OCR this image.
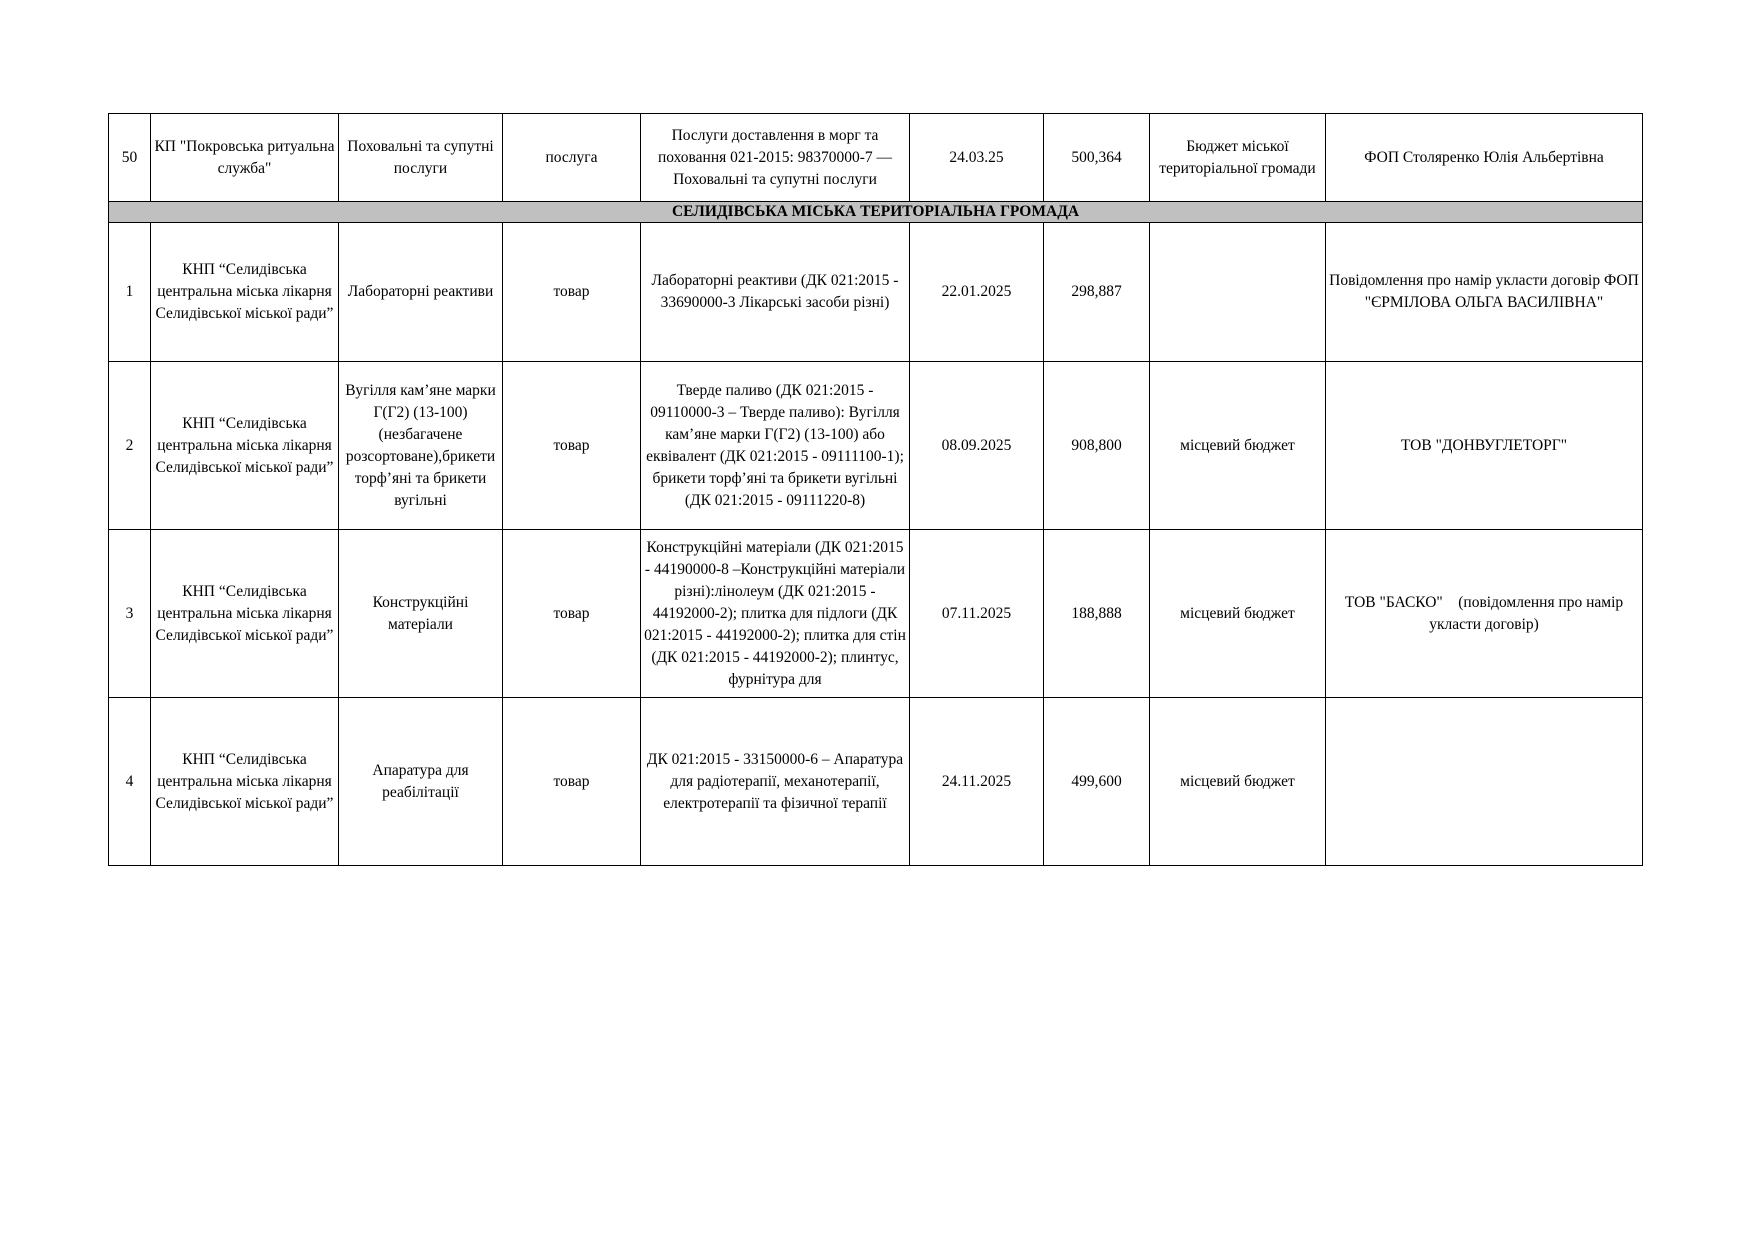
50	КП "Покровська ритуальна служба"	Поховальні та супутні послуги	послуга	Послуги доставлення в морг та поховання 021-2015: 98370000-7 — Поховальні та супутні послуги	24.03.25	500,364	Бюджет міської територіальної громади	ФОП Столяренко Юлія Альбертівна
СЕЛИДІВСЬКА МІСЬКА ТЕРИТОРІАЛЬНА ГРОМАДА								
1	КНП “Селидівська центральна міська лікарня Селидівської міської ради”	Лабораторні реактиви	товар	Лабораторні реактиви (ДК 021:2015 - 33690000-3 Лікарські засоби різні)	22.01.2025	298,887		Повідомлення про намір укласти договір ФОП "ЄРМІЛОВА ОЛЬГА ВАСИЛІВНА"
2	КНП “Селидівська центральна міська лікарня Селидівської міської ради”	Вугілля кам’яне марки Г(Г2) (13-100) (незбагачене розсортоване),брикети торф’яні та брикети вугільні	товар	Тверде паливо (ДК 021:2015 - 09110000-3 – Тверде паливо): Вугілля кам’яне марки Г(Г2) (13-100) або еквівалент (ДК 021:2015 - 09111100-1); брикети торф’яні та брикети вугільні (ДК 021:2015 - 09111220-8)	08.09.2025	908,800	місцевий бюджет	ТОВ "ДОНВУГЛЕТОРГ"
3	КНП “Селидівська центральна міська лікарня Селидівської міської ради”	Конструкційні матеріали	товар	Конструкційні матеріали (ДК 021:2015 - 44190000-8 –Конструкційні матеріали різні):лінолеум (ДК 021:2015 - 44192000-2); плитка для підлоги (ДК 021:2015 - 44192000-2); плитка для стін (ДК 021:2015 - 44192000-2); плинтус, фурнітура для	07.11.2025	188,888	місцевий бюджет	ТОВ "БАСКО"    (повідомлення про намір укласти договір)
4	КНП “Селидівська центральна міська лікарня Селидівської міської ради”	Апаратура для реабілітації	товар	ДК 021:2015 - 33150000-6 – Апаратура для радіотерапії, механотерапії, електротерапії та фізичної терапії	24.11.2025	499,600	місцевий бюджет	
